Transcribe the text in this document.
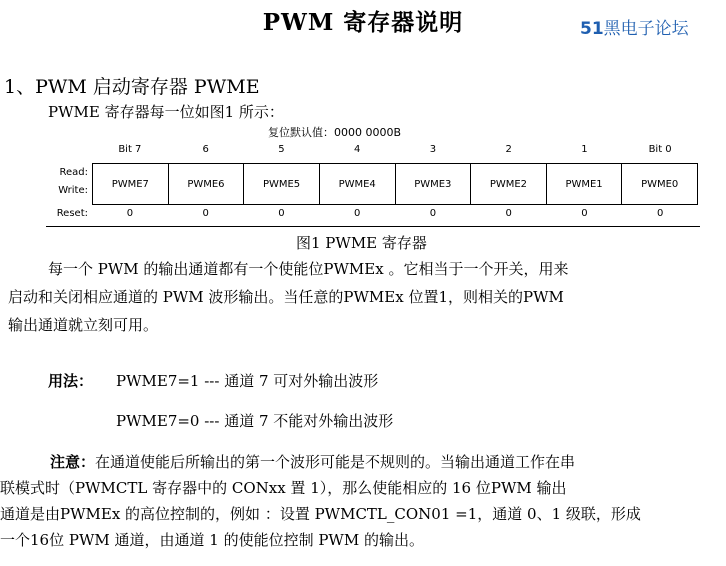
PWM 寄存器说明	51黑电子论坛
1、PWM 启动寄存器 PWME
PWME 寄存器每一位如图1 所示：
复位默认值：0000 0000B
Bit 7	6	5	4	3	2	1	Bit 0
Read:
Write:
PWME7	PWME6	PWME5	PWME4	PWME3	PWME2	PWME1	PWME0
Reset:	0	0	0	0	0	0	0	0
图1 PWME 寄存器
每一个 PWM 的输出通道都有一个使能位PWMEx 。它相当于一个开关，用来
启动和关闭相应通道的 PWM 波形输出。当任意的PWMEx 位置1，则相关的PWM
输出通道就立刻可用。
用法： PWME7=1 --- 通道 7 可对外输出波形
PWME7=0 --- 通道 7 不能对外输出波形
注意：在通道使能后所输出的第一个波形可能是不规则的。当输出通道工作在串
联模式时（PWMCTL 寄存器中的 CONxx 置 1），那么使能相应的 16 位PWM 输出
通道是由PWMEx 的高位控制的，例如 ：设置 PWMCTL_CON01 =1，通道 0、1 级联，形成
一个16位 PWM 通道，由通道 1 的使能位控制 PWM 的输出。
